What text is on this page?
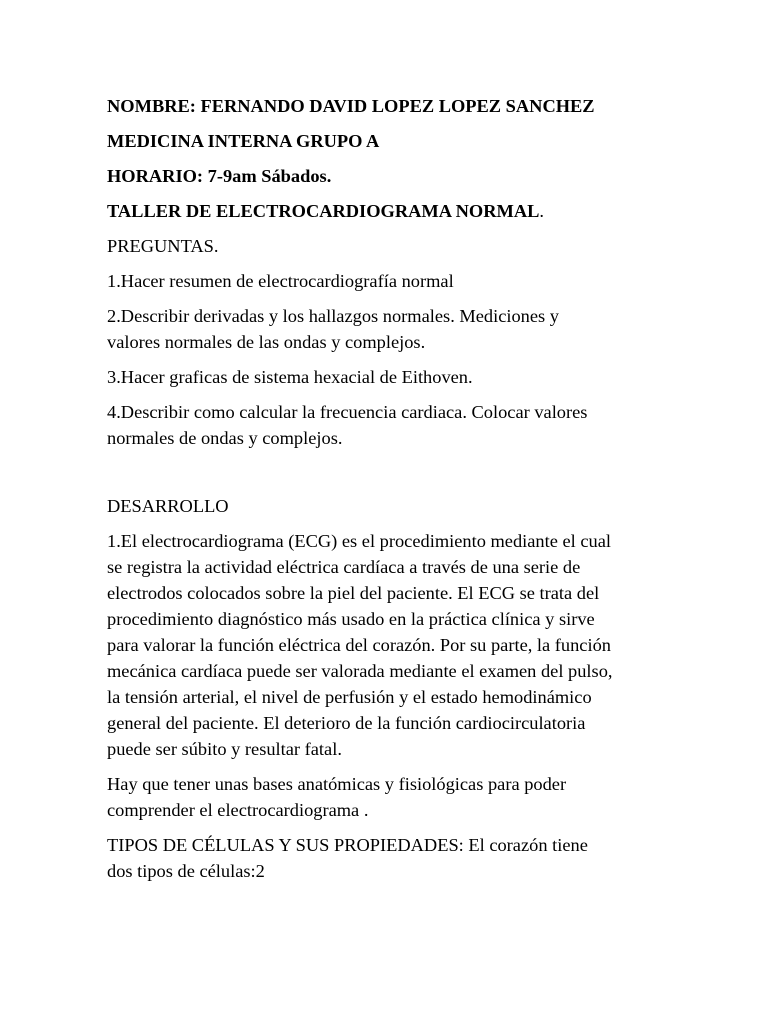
NOMBRE: FERNANDO DAVID LOPEZ LOPEZ SANCHEZ

MEDICINA INTERNA GRUPO A

HORARIO: 7-9am Sábados.

TALLER DE ELECTROCARDIOGRAMA NORMAL.

PREGUNTAS.

1.Hacer resumen de electrocardiografía normal

2.Describir derivadas y los hallazgos normales. Mediciones y
valores normales de las ondas y complejos.

3.Hacer graficas de sistema hexacial de Eithoven.

4.Describir como calcular la frecuencia cardiaca. Colocar valores
normales de ondas y complejos.

DESARROLLO

1.El electrocardiograma (ECG) es el procedimiento mediante el cual
se registra la actividad eléctrica cardíaca a través de una serie de
electrodos colocados sobre la piel del paciente. El ECG se trata del
procedimiento diagnóstico más usado en la práctica clínica y sirve
para valorar la función eléctrica del corazón. Por su parte, la función
mecánica cardíaca puede ser valorada mediante el examen del pulso,
la tensión arterial, el nivel de perfusión y el estado hemodinámico
general del paciente. El deterioro de la función cardiocirculatoria
puede ser súbito y resultar fatal.

Hay que tener unas bases anatómicas y fisiológicas para poder
comprender el electrocardiograma .

TIPOS DE CÉLULAS Y SUS PROPIEDADES: El corazón tiene
dos tipos de células:2
